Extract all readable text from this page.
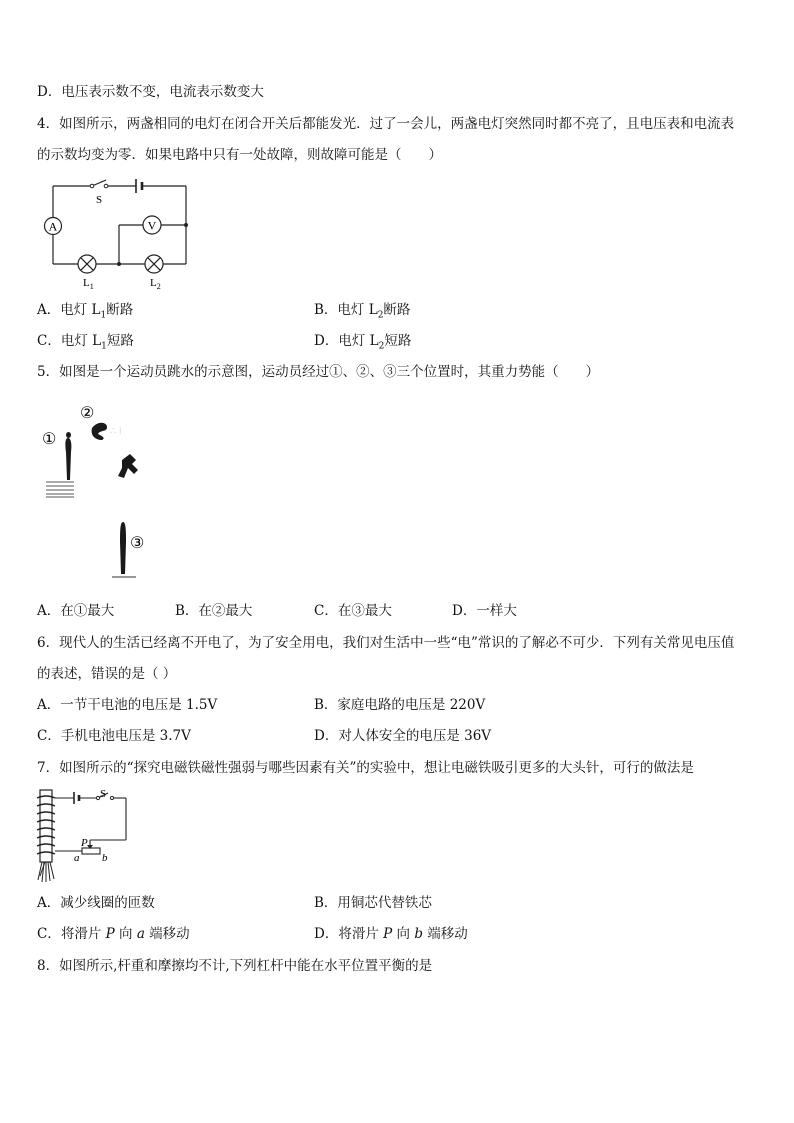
D．电压表示数不变，电流表示数变大
4．如图所示，两盏相同的电灯在闭合开关后都能发光．过了一会儿，两盏电灯突然同时都不亮了，且电压表和电流表
的示数均变为零．如果电路中只有一处故障，则故障可能是（　　）
S
A	V
$L_1$	$L_2$
A．电灯 $L_1$断路	B．电灯 $L_2$断路
C．电灯 $L_1$短路	D．电灯 $L_2$短路
5．如图是一个运动员跳水的示意图，运动员经过①、②、③三个位置时，其重力势能（　　）
①
②
∴ ⁞
③
A．在①最大	B．在②最大	C．在③最大	D．一样大
6．现代人的生活已经离不开电了，为了安全用电，我们对生活中一些“电”常识的了解必不可少．下列有关常见电压值
的表述，错误的是（ ）
A．一节干电池的电压是 1.5V	B．家庭电路的电压是 220V
C．手机电池电压是 3.7V	D．对人体安全的电压是 36V
7．如图所示的“探究电磁铁磁性强弱与哪些因素有关”的实验中，想让电磁铁吸引更多的大头针，可行的做法是
S
P
a b
A．减少线圈的匝数	B．用铜芯代替铁芯
C．将滑片 P 向 a 端移动	D．将滑片 P 向 b 端移动
8．如图所示,杆重和摩擦均不计,下列杠杆中能在水平位置平衡的是
